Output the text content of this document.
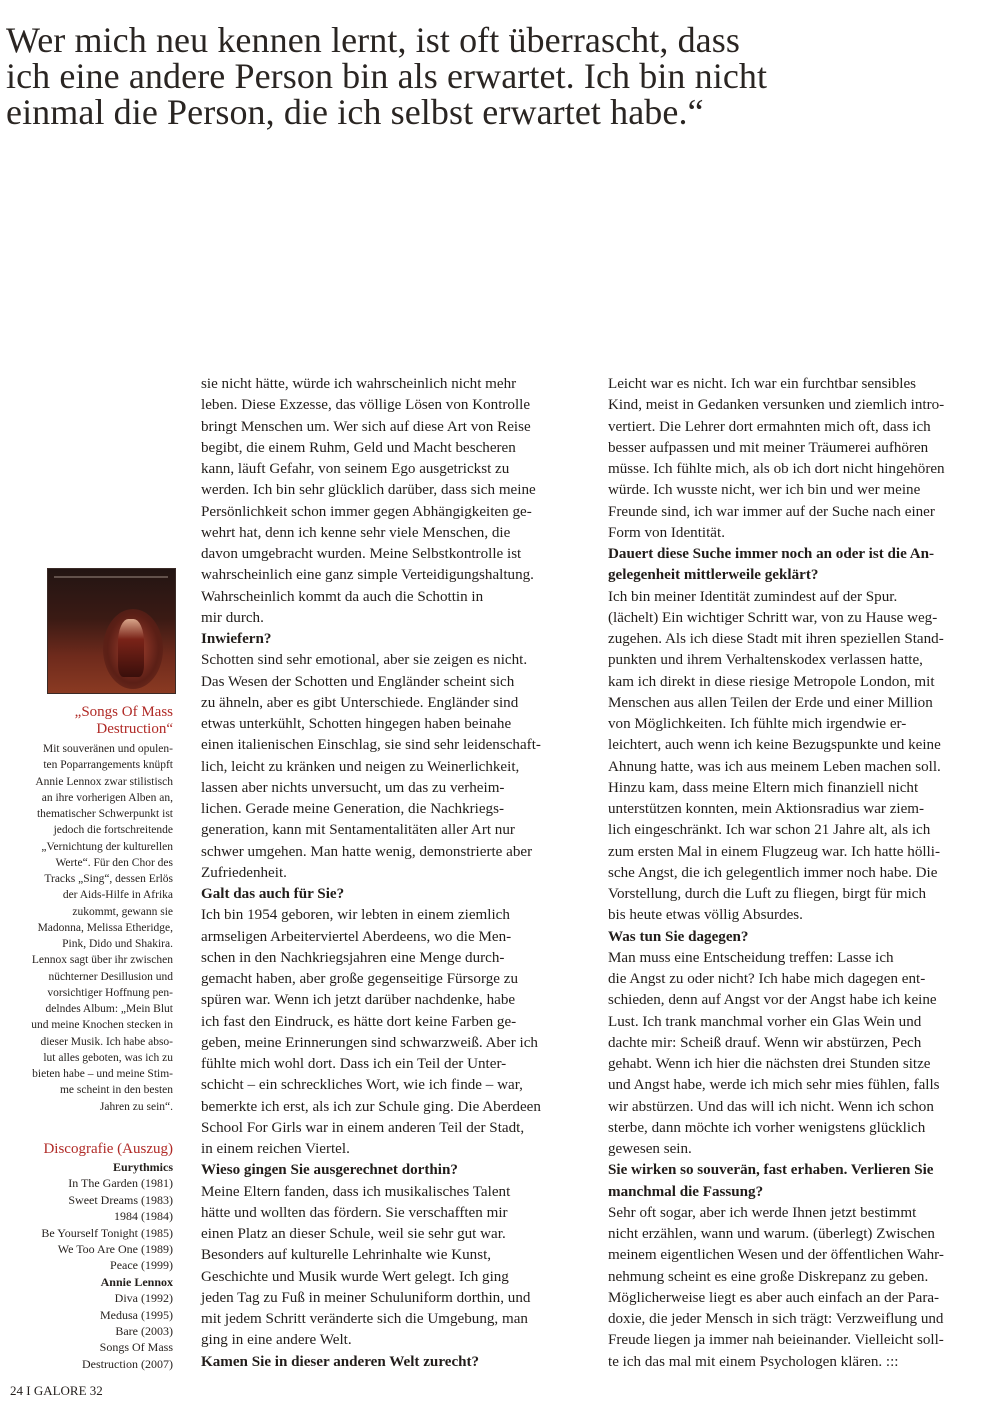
Wer mich neu kennen lernt, ist oft überrascht, dass
ich eine andere Person bin als erwartet. Ich bin nicht
einmal die Person, die ich selbst erwartet habe.“
„Songs Of Mass
Destruction“
Mit souveränen und opulen-
ten Poparrangements knüpft
Annie Lennox zwar stilistisch
an ihre vorherigen Alben an,
thematischer Schwerpunkt ist
jedoch die fortschreitende
„Vernichtung der kulturellen
Werte“. Für den Chor des
Tracks „Sing“, dessen Erlös
der Aids-Hilfe in Afrika
zukommt, gewann sie
Madonna, Melissa Etheridge,
Pink, Dido und Shakira.
Lennox sagt über ihr zwischen
nüchterner Desillusion und
vorsichtiger Hoffnung pen-
delndes Album: „Mein Blut
und meine Knochen stecken in
dieser Musik. Ich habe abso-
lut alles geboten, was ich zu
bieten habe – und meine Stim-
me scheint in den besten
Jahren zu sein“.
Discografie (Auszug)
Eurythmics
In The Garden (1981)
Sweet Dreams (1983)
1984 (1984)
Be Yourself Tonight (1985)
We Too Are One (1989)
Peace (1999)
Annie Lennox
Diva (1992)
Medusa (1995)
Bare (2003)
Songs Of Mass
Destruction (2007)
sie nicht hätte, würde ich wahrscheinlich nicht mehr
leben. Diese Exzesse, das völlige Lösen von Kontrolle
bringt Menschen um. Wer sich auf diese Art von Reise
begibt, die einem Ruhm, Geld und Macht bescheren
kann, läuft Gefahr, von seinem Ego ausgetrickst zu
werden. Ich bin sehr glücklich darüber, dass sich meine
Persönlichkeit schon immer gegen Abhängigkeiten ge-
wehrt hat, denn ich kenne sehr viele Menschen, die
davon umgebracht wurden. Meine Selbstkontrolle ist
wahrscheinlich eine ganz simple Verteidigungshaltung.
Wahrscheinlich kommt da auch die Schottin in
mir durch.
Inwiefern?
Schotten sind sehr emotional, aber sie zeigen es nicht.
Das Wesen der Schotten und Engländer scheint sich
zu ähneln, aber es gibt Unterschiede. Engländer sind
etwas unterkühlt, Schotten hingegen haben beinahe
einen italienischen Einschlag, sie sind sehr leidenschaft-
lich, leicht zu kränken und neigen zu Weinerlichkeit,
lassen aber nichts unversucht, um das zu verheim-
lichen. Gerade meine Generation, die Nachkriegs-
generation, kann mit Sentamentalitäten aller Art nur
schwer umgehen. Man hatte wenig, demonstrierte aber
Zufriedenheit.
Galt das auch für Sie?
Ich bin 1954 geboren, wir lebten in einem ziemlich
armseligen Arbeiterviertel Aberdeens, wo die Men-
schen in den Nachkriegsjahren eine Menge durch-
gemacht haben, aber große gegenseitige Fürsorge zu
spüren war. Wenn ich jetzt darüber nachdenke, habe
ich fast den Eindruck, es hätte dort keine Farben ge-
geben, meine Erinnerungen sind schwarzweiß. Aber ich
fühlte mich wohl dort. Dass ich ein Teil der Unter-
schicht – ein schreckliches Wort, wie ich finde – war,
bemerkte ich erst, als ich zur Schule ging. Die Aberdeen
School For Girls war in einem anderen Teil der Stadt,
in einem reichen Viertel.
Wieso gingen Sie ausgerechnet dorthin?
Meine Eltern fanden, dass ich musikalisches Talent
hätte und wollten das fördern. Sie verschafften mir
einen Platz an dieser Schule, weil sie sehr gut war.
Besonders auf kulturelle Lehrinhalte wie Kunst,
Geschichte und Musik wurde Wert gelegt. Ich ging
jeden Tag zu Fuß in meiner Schuluniform dorthin, und
mit jedem Schritt veränderte sich die Umgebung, man
ging in eine andere Welt.
Kamen Sie in dieser anderen Welt zurecht?
Leicht war es nicht. Ich war ein furchtbar sensibles
Kind, meist in Gedanken versunken und ziemlich intro-
vertiert. Die Lehrer dort ermahnten mich oft, dass ich
besser aufpassen und mit meiner Träumerei aufhören
müsse. Ich fühlte mich, als ob ich dort nicht hingehören
würde. Ich wusste nicht, wer ich bin und wer meine
Freunde sind, ich war immer auf der Suche nach einer
Form von Identität.
Dauert diese Suche immer noch an oder ist die An-
gelegenheit mittlerweile geklärt?
Ich bin meiner Identität zumindest auf der Spur.
(lächelt) Ein wichtiger Schritt war, von zu Hause weg-
zugehen. Als ich diese Stadt mit ihren speziellen Stand-
punkten und ihrem Verhaltenskodex verlassen hatte,
kam ich direkt in diese riesige Metropole London, mit
Menschen aus allen Teilen der Erde und einer Million
von Möglichkeiten. Ich fühlte mich irgendwie er-
leichtert, auch wenn ich keine Bezugspunkte und keine
Ahnung hatte, was ich aus meinem Leben machen soll.
Hinzu kam, dass meine Eltern mich finanziell nicht
unterstützen konnten, mein Aktionsradius war ziem-
lich eingeschränkt. Ich war schon 21 Jahre alt, als ich
zum ersten Mal in einem Flugzeug war. Ich hatte hölli-
sche Angst, die ich gelegentlich immer noch habe. Die
Vorstellung, durch die Luft zu fliegen, birgt für mich
bis heute etwas völlig Absurdes.
Was tun Sie dagegen?
Man muss eine Entscheidung treffen: Lasse ich
die Angst zu oder nicht? Ich habe mich dagegen ent-
schieden, denn auf Angst vor der Angst habe ich keine
Lust. Ich trank manchmal vorher ein Glas Wein und
dachte mir: Scheiß drauf. Wenn wir abstürzen, Pech
gehabt. Wenn ich hier die nächsten drei Stunden sitze
und Angst habe, werde ich mich sehr mies fühlen, falls
wir abstürzen. Und das will ich nicht. Wenn ich schon
sterbe, dann möchte ich vorher wenigstens glücklich
gewesen sein.
Sie wirken so souverän, fast erhaben. Verlieren Sie
manchmal die Fassung?
Sehr oft sogar, aber ich werde Ihnen jetzt bestimmt
nicht erzählen, wann und warum. (überlegt) Zwischen
meinem eigentlichen Wesen und der öffentlichen Wahr-
nehmung scheint es eine große Diskrepanz zu geben.
Möglicherweise liegt es aber auch einfach an der Para-
doxie, die jeder Mensch in sich trägt: Verzweiflung und
Freude liegen ja immer nah beieinander. Vielleicht soll-
te ich das mal mit einem Psychologen klären. :::
24 I GALORE 32
